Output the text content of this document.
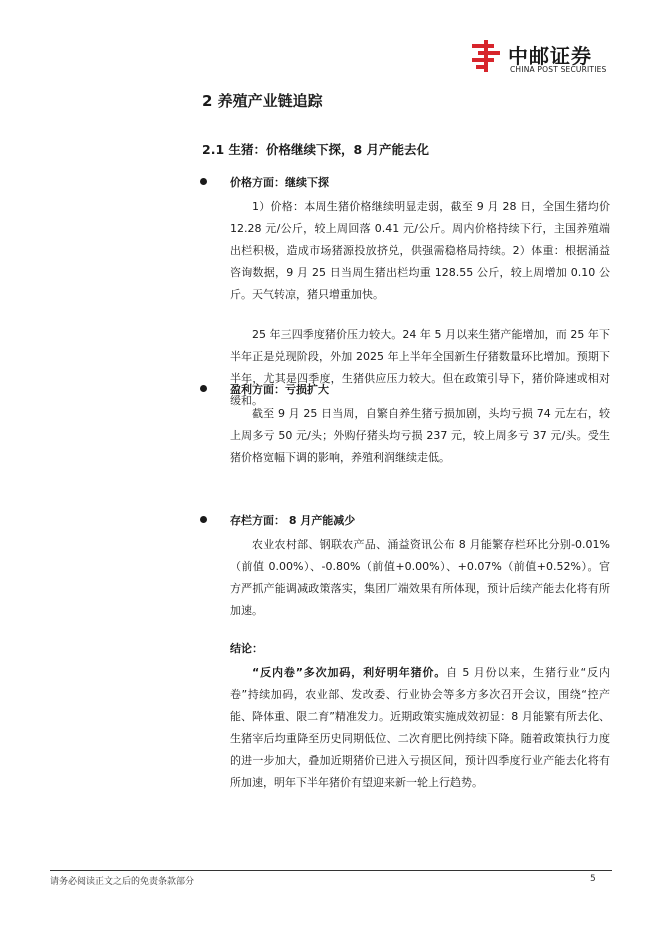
中邮证券
CHINA POST SECURITIES
2 养殖产业链追踪
2.1 生猪：价格继续下探，8 月产能去化
价格方面：继续下探
1）价格：本周生猪价格继续明显走弱，截至 9 月 28 日，全国生猪均价 12.28 元/公斤，较上周回落 0.41 元/公斤。周内价格持续下行，主国养殖端出栏积极，造成市场猪源投放挤兑，供强需稳格局持续。2）体重：根据涌益咨询数据，9 月 25 日当周生猪出栏均重 128.55 公斤，较上周增加 0.10 公斤。天气转凉，猪只增重加快。
25 年三四季度猪价压力较大。24 年 5 月以来生猪产能增加，而 25 年下半年正是兑现阶段，外加 2025 年上半年全国新生仔猪数量环比增加。预期下半年，尤其是四季度，生猪供应压力较大。但在政策引导下，猪价降速或相对缓和。
盈利方面：亏损扩大
截至 9 月 25 日当周，自繁自养生猪亏损加剧，头均亏损 74 元左右，较上周多亏 50 元/头；外购仔猪头均亏损 237 元，较上周多亏 37 元/头。受生猪价格宽幅下调的影响，养殖利润继续走低。
存栏方面： 8 月产能减少
农业农村部、钢联农产品、涌益资讯公布 8 月能繁存栏环比分别-0.01%（前值 0.00%）、-0.80%（前值+0.00%）、+0.07%（前值+0.52%）。官方严抓产能调减政策落实，集团厂端效果有所体现，预计后续产能去化将有所加速。
结论：
“反内卷”多次加码，利好明年猪价。自 5 月份以来，生猪行业“反内卷”持续加码，农业部、发改委、行业协会等多方多次召开会议，围绕“控产能、降体重、限二育”精准发力。近期政策实施成效初显：8 月能繁有所去化、生猪宰后均重降至历史同期低位、二次育肥比例持续下降。随着政策执行力度的进一步加大，叠加近期猪价已进入亏损区间，预计四季度行业产能去化将有所加速，明年下半年猪价有望迎来新一轮上行趋势。
请务必阅读正文之后的免责条款部分	5
